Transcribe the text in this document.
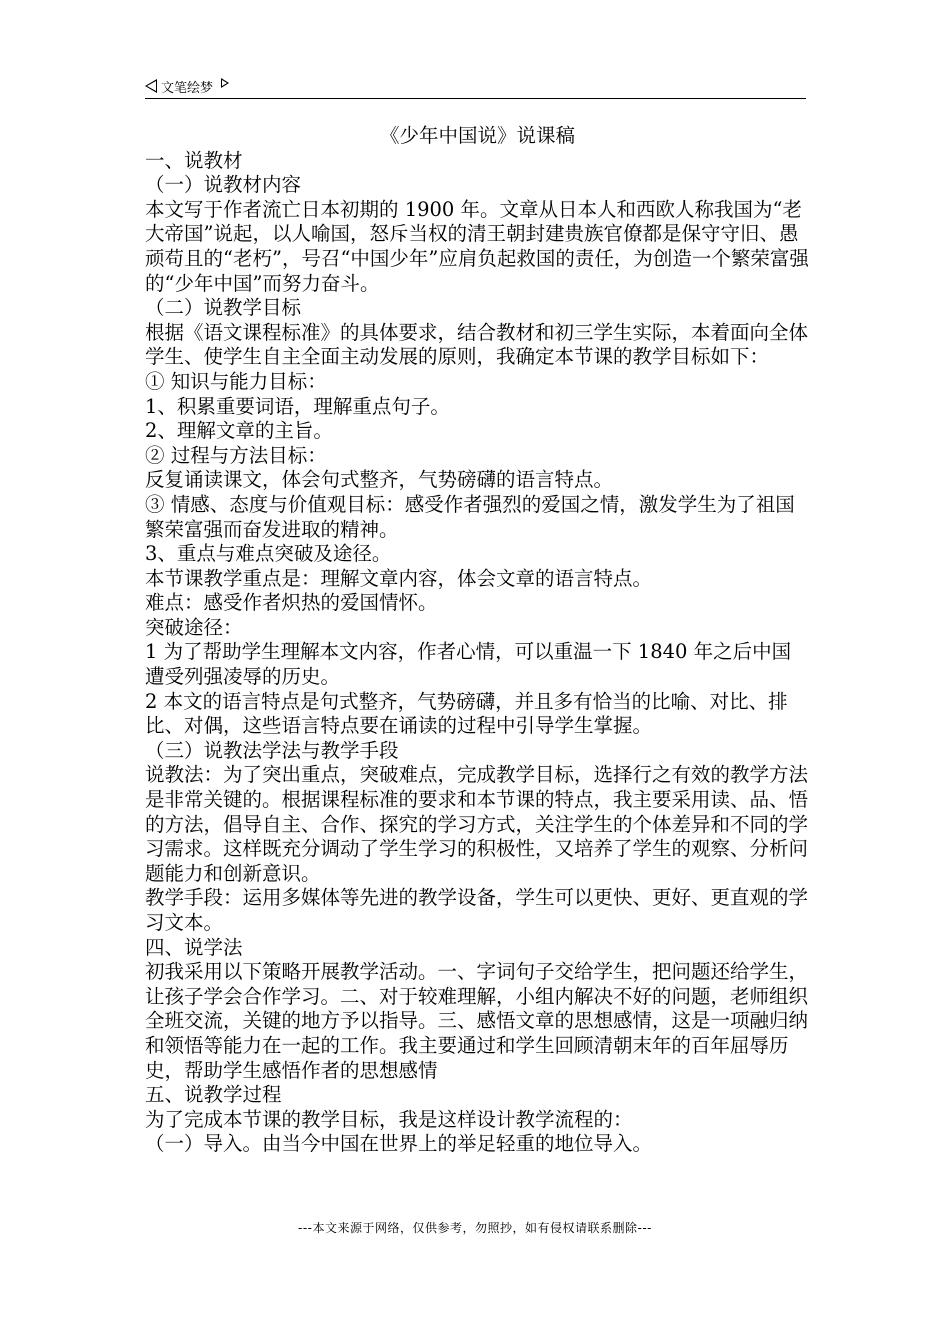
文笔绘梦

《少年中国说》说课稿

一、说教材

（一）说教材内容

本文写于作者流亡日本初期的 1900 年。文章从日本人和西欧人称我国为“老大帝国”说起，以人喻国，怒斥当权的清王朝封建贵族官僚都是保守守旧、愚顽苟且的“老朽”，号召“中国少年”应肩负起救国的责任，为创造一个繁荣富强的“少年中国”而努力奋斗。

（二）说教学目标

根据《语文课程标准》的具体要求，结合教材和初三学生实际，本着面向全体学生、使学生自主全面主动发展的原则，我确定本节课的教学目标如下：

① 知识与能力目标：

1、积累重要词语，理解重点句子。

2、理解文章的主旨。

② 过程与方法目标：

反复诵读课文，体会句式整齐，气势磅礴的语言特点。

③ 情感、态度与价值观目标：感受作者强烈的爱国之情，激发学生为了祖国繁荣富强而奋发进取的精神。

3、重点与难点突破及途径。

本节课教学重点是：理解文章内容，体会文章的语言特点。

难点：感受作者炽热的爱国情怀。

突破途径：

1 为了帮助学生理解本文内容，作者心情，可以重温一下 1840 年之后中国遭受列强凌辱的历史。

2 本文的语言特点是句式整齐，气势磅礴，并且多有恰当的比喻、对比、排比、对偶，这些语言特点要在诵读的过程中引导学生掌握。

（三）说教法学法与教学手段

说教法：为了突出重点，突破难点，完成教学目标，选择行之有效的教学方法是非常关键的。根据课程标准的要求和本节课的特点，我主要采用读、品、悟的方法，倡导自主、合作、探究的学习方式，关注学生的个体差异和不同的学习需求。这样既充分调动了学生学习的积极性，又培养了学生的观察、分析问题能力和创新意识。

教学手段：运用多媒体等先进的教学设备，学生可以更快、更好、更直观的学习文本。

四、说学法

初我采用以下策略开展教学活动。一、字词句子交给学生，把问题还给学生，让孩子学会合作学习。二、对于较难理解，小组内解决不好的问题，老师组织全班交流，关键的地方予以指导。三、感悟文章的思想感情，这是一项融归纳和领悟等能力在一起的工作。我主要通过和学生回顾清朝末年的百年屈辱历史，帮助学生感悟作者的思想感情

五、说教学过程

为了完成本节课的教学目标，我是这样设计教学流程的：

（一）导入。由当今中国在世界上的举足轻重的地位导入。

---本文来源于网络，仅供参考，勿照抄，如有侵权请联系删除---
